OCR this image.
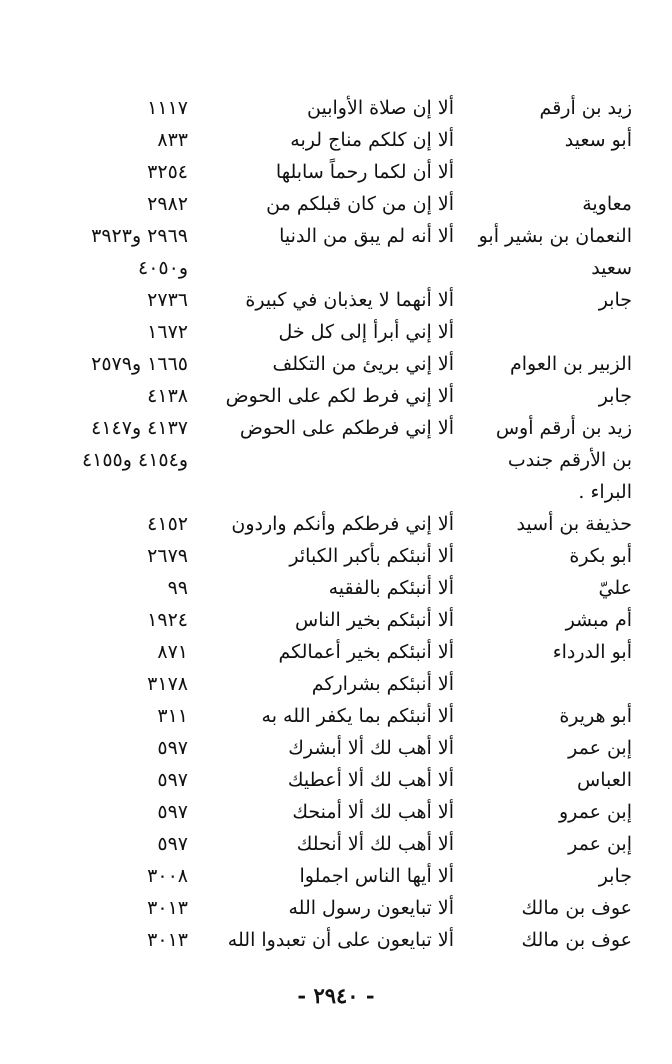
زيد بن أرقم
ألا إن صلاة الأوابين
١١١٧
أبو سعيد
ألا إن كلكم مناج لربه
٨٣٣
ألا أن لكما رحماً سابلها
٣٢٥٤
معاوية
ألا إن من كان قبلكم من
٢٩٨٢
النعمان بن بشير أبو
ألا أنه لم يبق من الدنيا
٢٩٦٩ و٣٩٢٣
سعيد
و٤٠٥٠
جابر
ألا أنهما لا يعذبان في كبيرة
٢٧٣٦
ألا إني أبرأ إلى كل خل
١٦٧٢
الزبير بن العوام
ألا إني بريئ من التكلف
١٦٦٥ و٢٥٧٩
جابر
ألا إني فرط لكم على الحوض
٤١٣٨
زيد بن أرقم أوس
ألا إني فرطكم على الحوض
٤١٣٧ و٤١٤٧
بن الأرقم جندب
و٤١٥٤ و٤١٥٥
البراء .
حذيفة بن أسيد
ألا إني فرطكم وأنكم واردون
٤١٥٢
أبو بكرة
ألا أنبئكم بأكبر الكبائر
٢٦٧٩
عليّ
ألا أنبئكم بالفقيه
٩٩
أم مبشر
ألا أنبئكم بخير الناس
١٩٢٤
أبو الدرداء
ألا أنبئكم بخير أعمالكم
٨٧١
ألا أنبئكم بشراركم
٣١٧٨
أبو هريرة
ألا أنبئكم بما يكفر الله به
٣١١
إبن عمر
ألا أهب لك ألا أبشرك
٥٩٧
العباس
ألا أهب لك ألا أعطيك
٥٩٧
إبن عمرو
ألا أهب لك ألا أمنحك
٥٩٧
إبن عمر
ألا أهب لك ألا أنحلك
٥٩٧
جابر
ألا أيها الناس اجملوا
٣٠٠٨
عوف بن مالك
ألا تبايعون رسول الله
٣٠١٣
عوف بن مالك
ألا تبايعون على أن تعبدوا الله
٣٠١٣
- ٢٩٤٠ -
